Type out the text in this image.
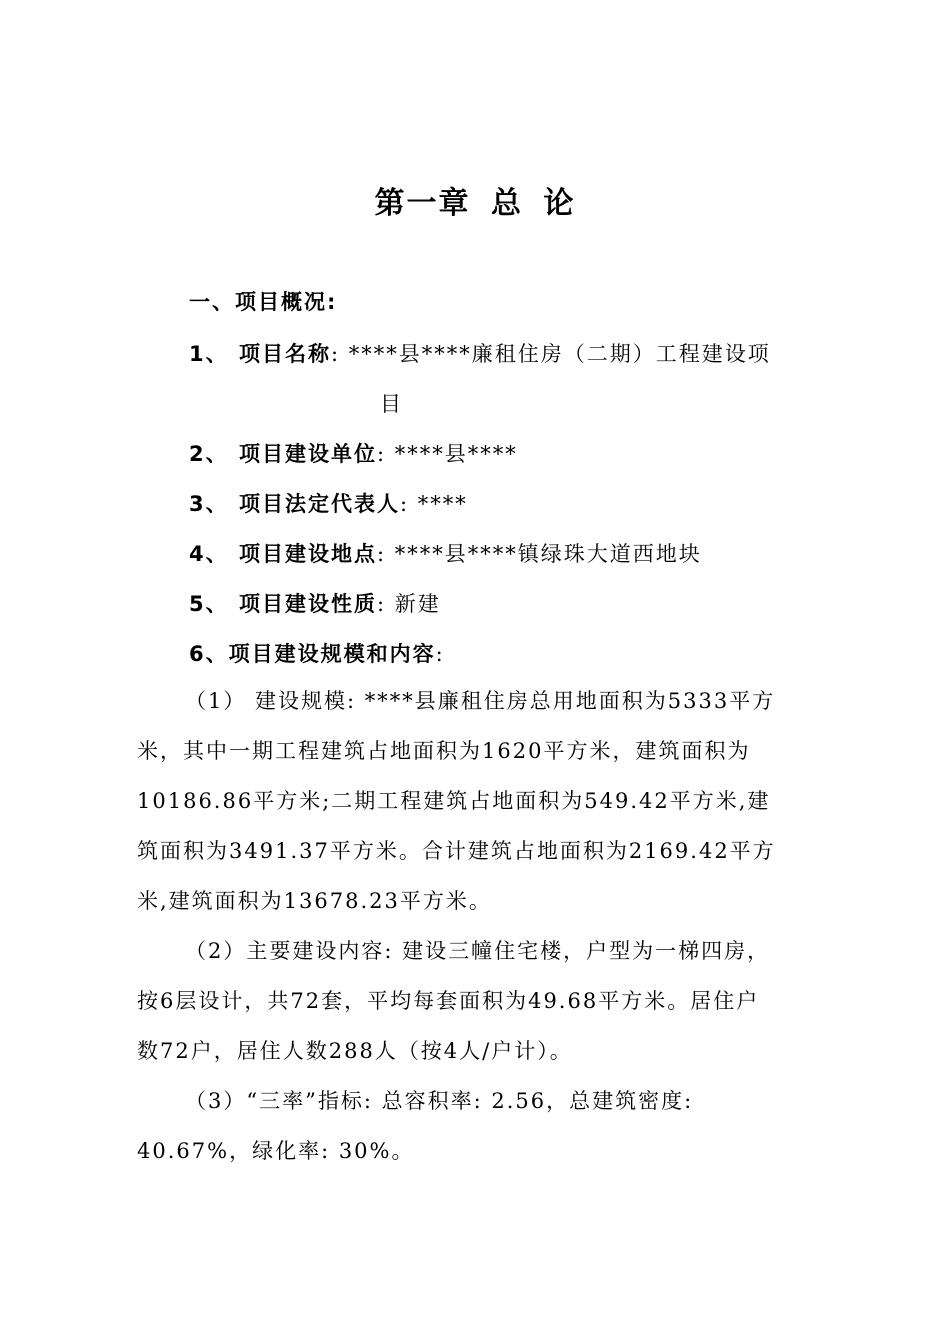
第一章 总 论
一、项目概况:
1、 项目名称: ****县****廉租住房（二期）工程建设项
目
2、 项目建设单位: ****县****
3、 项目法定代表人: ****
4、 项目建设地点: ****县****镇绿珠大道西地块
5、 项目建设性质: 新建
6、项目建设规模和内容:
（1） 建设规模: ****县廉租住房总用地面积为5333平方
米，其中一期工程建筑占地面积为1620平方米，建筑面积为
10186.86平方米;二期工程建筑占地面积为549.42平方米,建
筑面积为3491.37平方米。合计建筑占地面积为2169.42平方
米,建筑面积为13678.23平方米。
（2）主要建设内容: 建设三幢住宅楼，户型为一梯四房，
按6层设计，共72套，平均每套面积为49.68平方米。居住户
数72户，居住人数288人（按4人/户计）。
（3）“三率”指标: 总容积率: 2.56，总建筑密度:
40.67%，绿化率: 30%。
